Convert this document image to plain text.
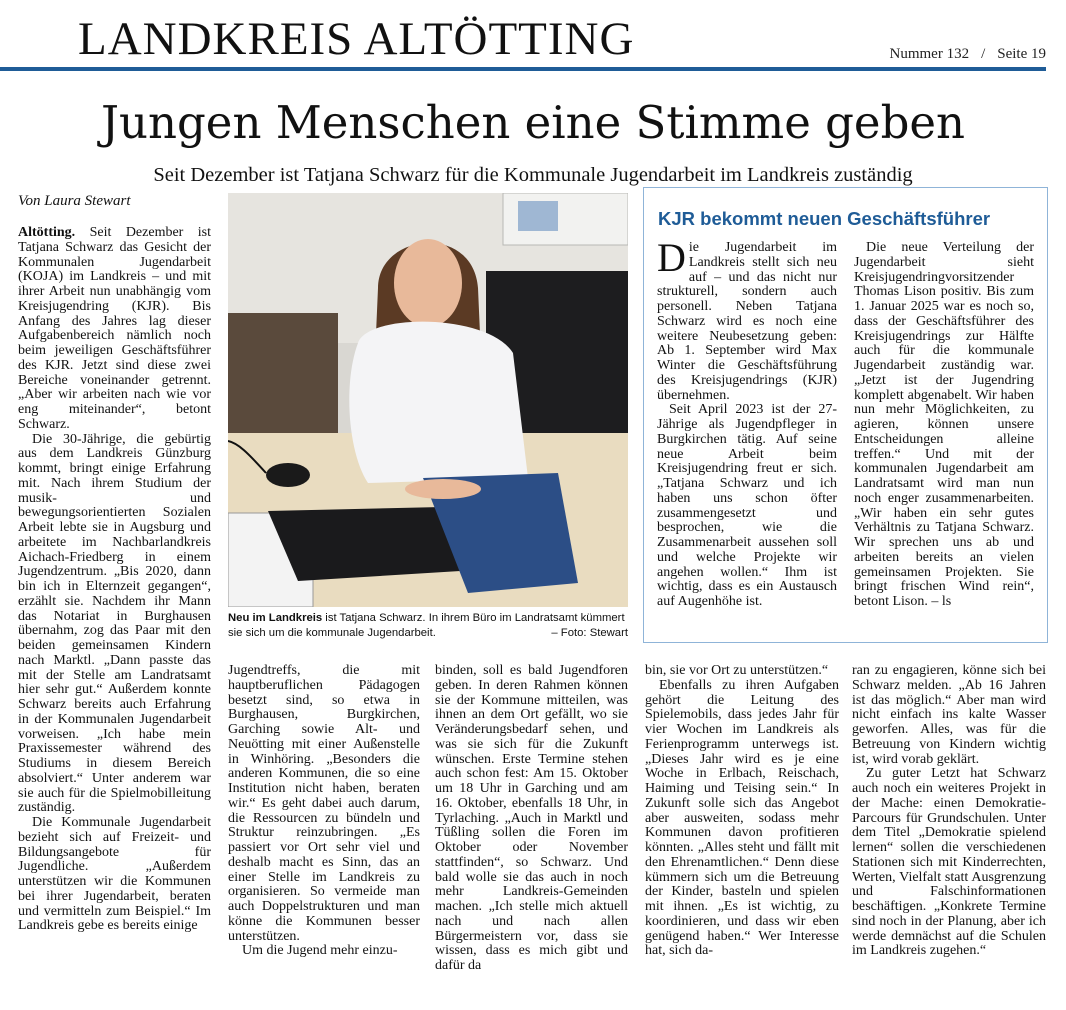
LANDKREIS ALTÖTTING	Nummer 132 / Seite 19
Jungen Menschen eine Stimme geben
Seit Dezember ist Tatjana Schwarz für die Kommunale Jugendarbeit im Landkreis zuständig
Von Laura Stewart

Altötting. Seit Dezember ist Tatjana Schwarz das Gesicht der Kommunalen Jugendarbeit (KOJA) im Landkreis – und mit ihrer Arbeit nun unabhängig vom Kreisjugendring (KJR). Bis Anfang des Jahres lag dieser Aufgabenbereich nämlich noch beim jeweiligen Geschäftsführer des KJR. Jetzt sind diese zwei Bereiche voneinander getrennt. „Aber wir arbeiten nach wie vor eng miteinander“, betont Schwarz.

Die 30-Jährige, die gebürtig aus dem Landkreis Günzburg kommt, bringt einige Erfahrung mit. Nach ihrem Studium der musik- und bewegungsorientierten Sozialen Arbeit lebte sie in Augsburg und arbeitete im Nachbarlandkreis Aichach-Friedberg in einem Jugendzentrum. „Bis 2020, dann bin ich in Elternzeit gegangen“, erzählt sie. Nachdem ihr Mann das Notariat in Burghausen übernahm, zog das Paar mit den beiden gemeinsamen Kindern nach Marktl. „Dann passte das mit der Stelle am Landratsamt hier sehr gut.“ Außerdem konnte Schwarz bereits auch Erfahrung in der Kommunalen Jugendarbeit vorweisen. „Ich habe mein Praxissemester während des Studiums in diesem Bereich absolviert.“ Unter anderem war sie auch für die Spielmobilleitung zuständig.

Die Kommunale Jugendarbeit bezieht sich auf Freizeit- und Bildungsangebote für Jugendliche. „Außerdem unterstützen wir die Kommunen bei ihrer Jugendarbeit, beraten und vermitteln zum Beispiel.“ Im Landkreis gebe es bereits einige

Neu im Landkreis ist Tatjana Schwarz. In ihrem Büro im Landratsamt kümmert sie sich um die kommunale Jugendarbeit.	– Foto: Stewart
KJR bekommt neuen Geschäftsführer

Die Jugendarbeit im Landkreis stellt sich neu auf – und das nicht nur strukturell, sondern auch personell. Neben Tatjana Schwarz wird es noch eine weitere Neubesetzung geben: Ab 1. September wird Max Winter die Geschäftsführung des Kreisjugendrings (KJR) übernehmen.

Seit April 2023 ist der 27-Jährige als Jugendpfleger in Burgkirchen tätig. Auf seine neue Arbeit beim Kreisjugendring freut er sich. „Tatjana Schwarz und ich haben uns schon öfter zusammengesetzt und besprochen, wie die Zusammenarbeit aussehen soll und welche Projekte wir angehen wollen.“ Ihm ist wichtig, dass es ein Austausch auf Augenhöhe ist.

Die neue Verteilung der Jugendarbeit sieht Kreisjugendringvorsitzender Thomas Lison positiv. Bis zum 1. Januar 2025 war es noch so, dass der Geschäftsführer des Kreisjugendrings zur Hälfte auch für die kommunale Jugendarbeit zuständig war. „Jetzt ist der Jugendring komplett abgenabelt. Wir haben nun mehr Möglichkeiten, zu agieren, können unsere Entscheidungen alleine treffen.“ Und mit der kommunalen Jugendarbeit am Landratsamt wird man nun noch enger zusammenarbeiten. „Wir haben ein sehr gutes Verhältnis zu Tatjana Schwarz. Wir sprechen uns ab und arbeiten bereits an vielen gemeinsamen Projekten. Sie bringt frischen Wind rein“, betont Lison. – ls

Jugendtreffs, die mit hauptberuflichen Pädagogen besetzt sind, so etwa in Burghausen, Burgkirchen, Garching sowie Alt- und Neuötting mit einer Außenstelle in Winhöring. „Besonders die anderen Kommunen, die so eine Institution nicht haben, beraten wir.“ Es geht dabei auch darum, die Ressourcen zu bündeln und Struktur reinzubringen. „Es passiert vor Ort sehr viel und deshalb macht es Sinn, das an einer Stelle im Landkreis zu organisieren. So vermeide man auch Doppelstrukturen und man könne die Kommunen besser unterstützen.

Um die Jugend mehr einzu-

binden, soll es bald Jugendforen geben. In deren Rahmen können sie der Kommune mitteilen, was ihnen an dem Ort gefällt, wo sie Veränderungsbedarf sehen, und was sie sich für die Zukunft wünschen. Erste Termine stehen auch schon fest: Am 15. Oktober um 18 Uhr in Garching und am 16. Oktober, ebenfalls 18 Uhr, in Tyrlaching. „Auch in Marktl und Tüßling sollen die Foren im Oktober oder November stattfinden“, so Schwarz. Und bald wolle sie das auch in noch mehr Landkreis-Gemeinden machen. „Ich stelle mich aktuell nach und nach allen Bürgermeistern vor, dass sie wissen, dass es mich gibt und dafür da

bin, sie vor Ort zu unterstützen.“

Ebenfalls zu ihren Aufgaben gehört die Leitung des Spielemobils, dass jedes Jahr für vier Wochen im Landkreis als Ferienprogramm unterwegs ist. „Dieses Jahr wird es je eine Woche in Erlbach, Reischach, Haiming und Teising sein.“ In Zukunft solle sich das Angebot aber ausweiten, sodass mehr Kommunen davon profitieren könnten. „Alles steht und fällt mit den Ehrenamtlichen.“ Denn diese kümmern sich um die Betreuung der Kinder, basteln und spielen mit ihnen. „Es ist wichtig, zu koordinieren, und dass wir eben genügend haben.“ Wer Interesse hat, sich da-

ran zu engagieren, könne sich bei Schwarz melden. „Ab 16 Jahren ist das möglich.“ Aber man wird nicht einfach ins kalte Wasser geworfen. Alles, was für die Betreuung von Kindern wichtig ist, wird vorab geklärt.

Zu guter Letzt hat Schwarz auch noch ein weiteres Projekt in der Mache: einen Demokratie-Parcours für Grundschulen. Unter dem Titel „Demokratie spielend lernen“ sollen die verschiedenen Stationen sich mit Kinderrechten, Werten, Vielfalt statt Ausgrenzung und Falschinformationen beschäftigen. „Konkrete Termine sind noch in der Planung, aber ich werde demnächst auf die Schulen im Landkreis zugehen.“
